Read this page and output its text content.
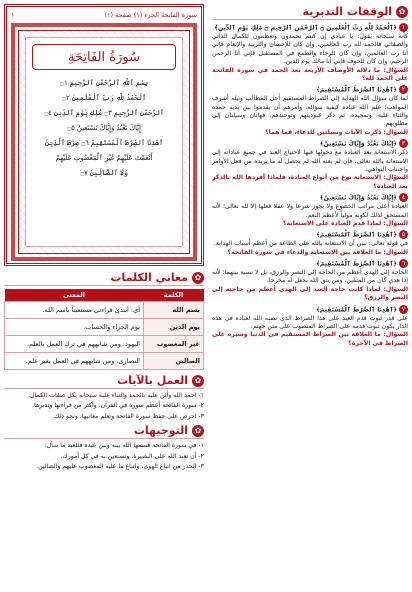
✿
الوقفات التدبرية
١﴿ٱلْحَمْدُ لِلَّهِ رَبِّ ٱلْعَٰلَمِينَ ۝ ٱلرَّحْمَٰنِ ٱلرَّحِيمِ ۝ مَٰلِكِ يَوْمِ ٱلدِّينِ﴾
كأنه سبحانه يقول: يا عبادي إن كنتم تحمدون وتعظمون للكمال الذاتي والصفاتي فالحمد لله رب العالمين، وإن كان للإحسان والتربية والإنعام فإني أنا رب العالمين، وإن كان للرجاء والطمع في المستقبل فإني أنا الرحمن الرحيم، وإن كان للخوف فإني أنا مالك يوم الدين.
السؤال: ما دلالة الأوصاف الأربعة بعد الحمد في سورة الفاتحة على الحمد لله؟
٢﴿ٱهْدِنَا ٱلصِّرَٰطَ ٱلْمُسْتَقِيمَ﴾
لما كان سؤال الله الهداية إلى الصراط المستقيم أجل المطالب ونيله أشرف المواهب؛ علم الله عباده كيفية سؤاله، وأمرهم أن يقدموا بين يديه حمده والثناء عليه، وتمجيده، ثم ذكر عبوديتهم وتوحيدهم، فهاتان وسيلتان إلى مطلوبهم.
السؤال: ذكرت الآيات وسيلتين للدعاء، فما هما؟
٣﴿إِيَّاكَ نَعْبُدُ وَإِيَّاكَ نَسْتَعِينُ﴾
ذكر الاستعانة بعد العبادة مع دخولها فيها لاحتياج العبد في جميع عباداته إلى الاستعانة بالله تعالى، فإن لم يعنه الله لم يحصل له ما يريده من فعل الأوامر واجتناب النواهي.
السؤال: الاستعانة نوع من أنواع العبادة، فلماذا أفردها الله بالذكر بعد العبادة؟
٤﴿إِيَّاكَ نَعْبُدُ وَإِيَّاكَ نَسْتَعِينُ﴾
العبادة أعلى مراتب الخضوع ولا يجوز شرعا ولا عقلا فعلها إلا لله تعالى؛ لأنه المستحق لذلك لكونه مولياً لأعظم النعم.
السؤال: لماذا قدم العبادة على الاستعانة؟
٥﴿ٱهْدِنَا ٱلصِّرَٰطَ ٱلْمُسْتَقِيمَ﴾
في قوله تعالى: نبين أن الاستعانة بالله على الطاعة من أعظم أسباب الهداية.
السؤال: ما العلاقة بين الاستعانة والدعاء في سورة الفاتحة؟
٦﴿ٱهْدِنَا ٱلصِّرَٰطَ ٱلْمُسْتَقِيمَ﴾
الحاجة إلى الهدى أعظم من الحاجة إلى النصر والرزق، بل لا نسبة بينهما؛ لأنه إذا هدي كان من المتقين، ومن يتق الله يجعل له مخرجا.
السؤال: لماذا كانت حاجة العبد إلى الهدى أعظم من حاجته إلى النصر والرزق؟
٧﴿ٱهْدِنَا ٱلصِّرَٰطَ ٱلْمُسْتَقِيمَ﴾
على قدر ثبوت قدم العبد على هذا الصراط الذي نصبه الله لعباده في هذه الدار يكون ثبوت قدمه على الصراط المنصوب على متن جهنم.
السؤال: ما العلاقة بين الصراط المستقيم في الدنيا وسيره على الصراط في الآخرة؟
سورة الفاتحة الجزء (١) صفحة (١)
١
سُورَةُ الفَاتِحَةِ
بِسْمِ ٱللَّهِ ٱلرَّحْمَٰنِ ٱلرَّحِيمِ ۝١
ٱلْحَمْدُ لِلَّهِ رَبِّ ٱلْعَٰلَمِينَ ۝٢
ٱلرَّحْمَٰنِ ٱلرَّحِيمِ ۝٣ مَٰلِكِ يَوْمِ ٱلدِّينِ ۝٤
إِيَّاكَ نَعْبُدُ وَإِيَّاكَ نَسْتَعِينُ ۝٥
ٱهْدِنَا ٱلصِّرَٰطَ ٱلْمُسْتَقِيمَ ۝٦ صِرَٰطَ ٱلَّذِينَ
أَنْعَمْتَ عَلَيْهِمْ غَيْرِ ٱلْمَغْضُوبِ عَلَيْهِمْ
وَلَا ٱلضَّآلِّينَ ۝٧
✿
معاني الكلمات
الكلمة	المعنى
بسم الله	أي: أبتدئ قراءتي مستعيناً باسم الله.
يوم الدين	يوم الجزاء والحساب.
غير المغضوب	اليهود، ومن شابههم في ترك العمل بالعلم.
الضالين	النصارى، ومن شابههم في العمل بغير علم.
✿
العمل بالآيات
١- احمد الله وأثن عليه بالحمد والثناء عليه سبحانه بكل صفات الكمال.
٢- سورة الفاتحة أعظم سورة في القرآن، وأكثر من قراءتها وتدبرها.
٣- احرص على حفظ سورة الفاتحة وتعلم معانيها، ونحو ذلك.
✿
التوجيهات
١- في سورة الفاتحة قسمها الله بينه وبين عبده فللعبد ما سأل.
٢- أن تعبد الله على البصيرة، وتستعين به في كل أمورك.
٣- الحذر من اتباع الهوى، واتباع ما عليه المغضوب عليهم والضالين.
